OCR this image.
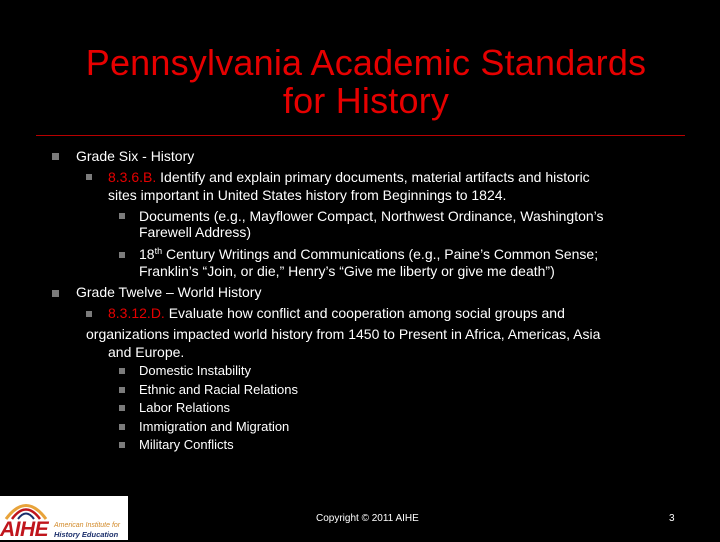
Pennsylvania Academic Standards
for History
Grade Six - History
8.3.6.B. Identify and explain primary documents, material artifacts and historic
sites important in United States history from Beginnings to 1824.
Documents (e.g., Mayflower Compact, Northwest Ordinance, Washington’s
Farewell Address)
18th Century Writings and Communications (e.g., Paine’s Common Sense;
Franklin’s “Join, or die,” Henry’s “Give me liberty or give me death”)
Grade Twelve – World History
8.3.12.D. Evaluate how conflict and cooperation among social groups and
organizations impacted world history from 1450 to Present in Africa, Americas, Asia
and Europe.
Domestic Instability
Ethnic and Racial Relations
Labor Relations
Immigration and Migration
Military Conflicts
AIHE American Institute for
History Education
Copyright © 2011 AIHE	3
